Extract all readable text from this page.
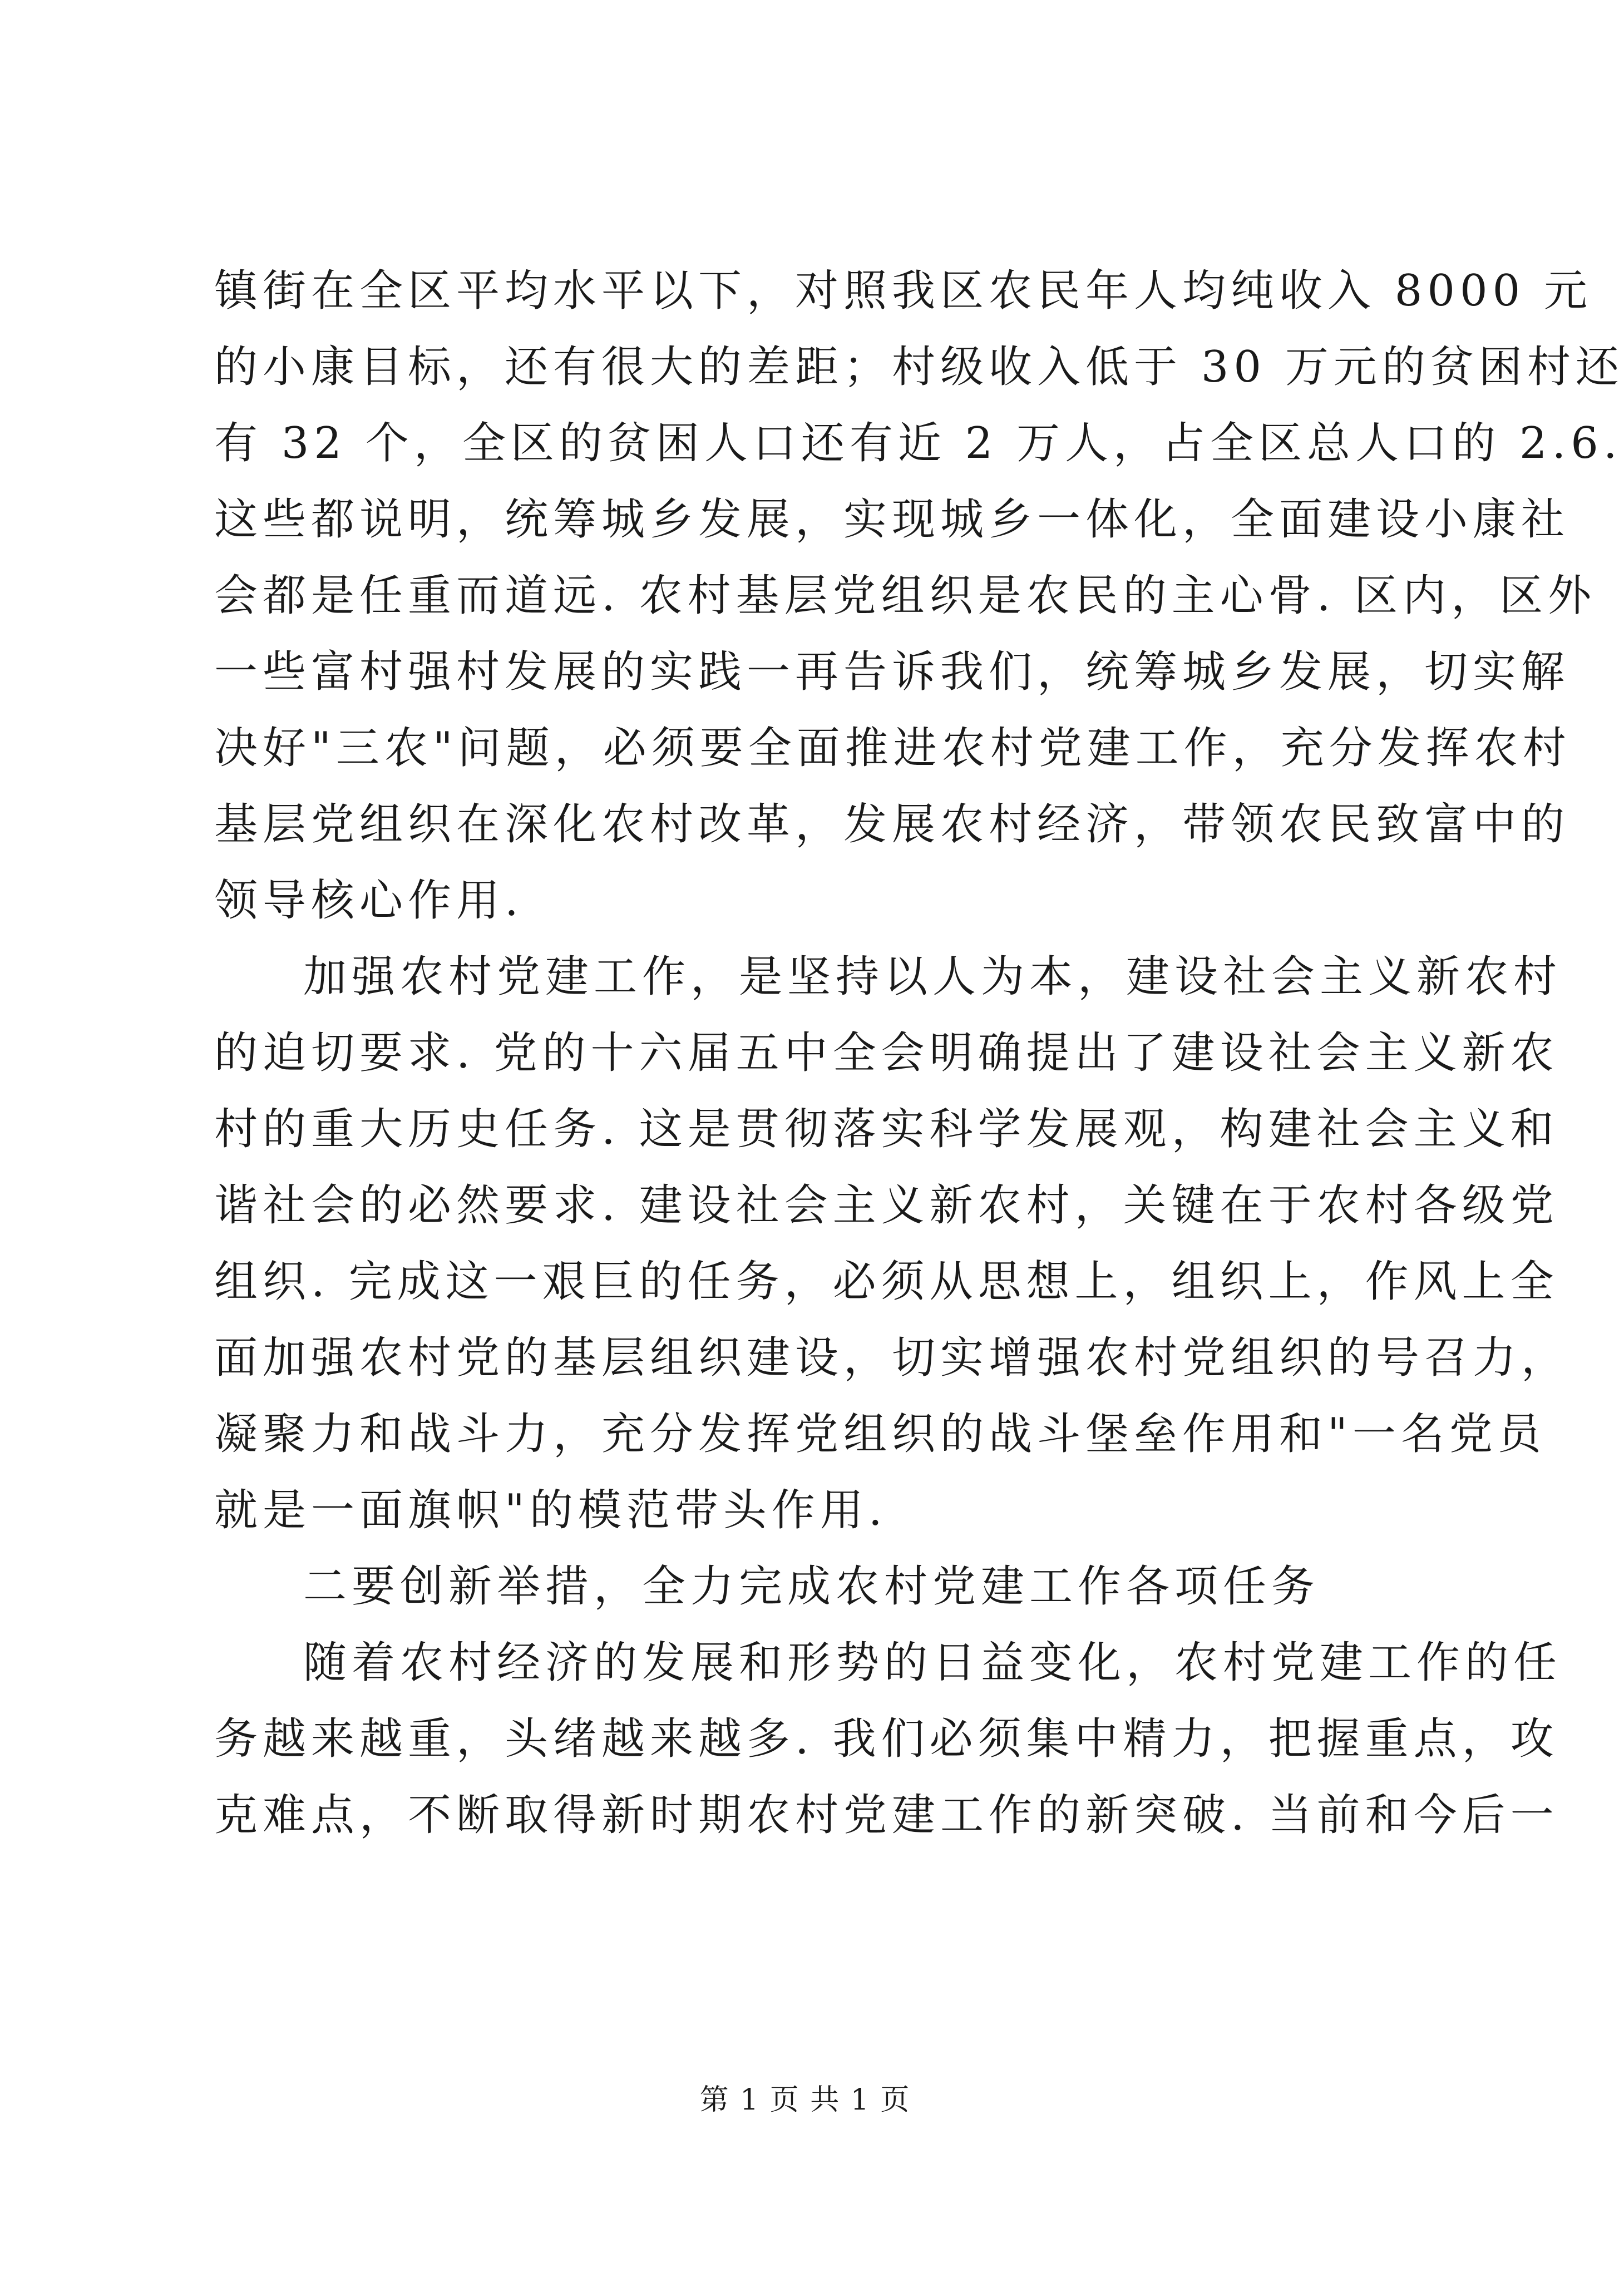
镇街在全区平均水平以下，对照我区农民年人均纯收入 8000 元
的小康目标，还有很大的差距；村级收入低于 30 万元的贫困村还
有 32 个，全区的贫困人口还有近 2 万人，占全区总人口的 2.6.
这些都说明，统筹城乡发展，实现城乡一体化，全面建设小康社
会都是任重而道远. 农村基层党组织是农民的主心骨. 区内，区外
一些富村强村发展的实践一再告诉我们，统筹城乡发展，切实解
决好"三农"问题，必须要全面推进农村党建工作，充分发挥农村
基层党组织在深化农村改革，发展农村经济，带领农民致富中的
领导核心作用.
加强农村党建工作，是坚持以人为本，建设社会主义新农村
的迫切要求. 党的十六届五中全会明确提出了建设社会主义新农
村的重大历史任务. 这是贯彻落实科学发展观，构建社会主义和
谐社会的必然要求. 建设社会主义新农村，关键在于农村各级党
组织. 完成这一艰巨的任务，必须从思想上，组织上，作风上全
面加强农村党的基层组织建设，切实增强农村党组织的号召力，
凝聚力和战斗力，充分发挥党组织的战斗堡垒作用和"一名党员
就是一面旗帜"的模范带头作用.
二要创新举措，全力完成农村党建工作各项任务
随着农村经济的发展和形势的日益变化，农村党建工作的任
务越来越重，头绪越来越多. 我们必须集中精力，把握重点，攻
克难点，不断取得新时期农村党建工作的新突破. 当前和今后一
第 1 页 共 1 页
